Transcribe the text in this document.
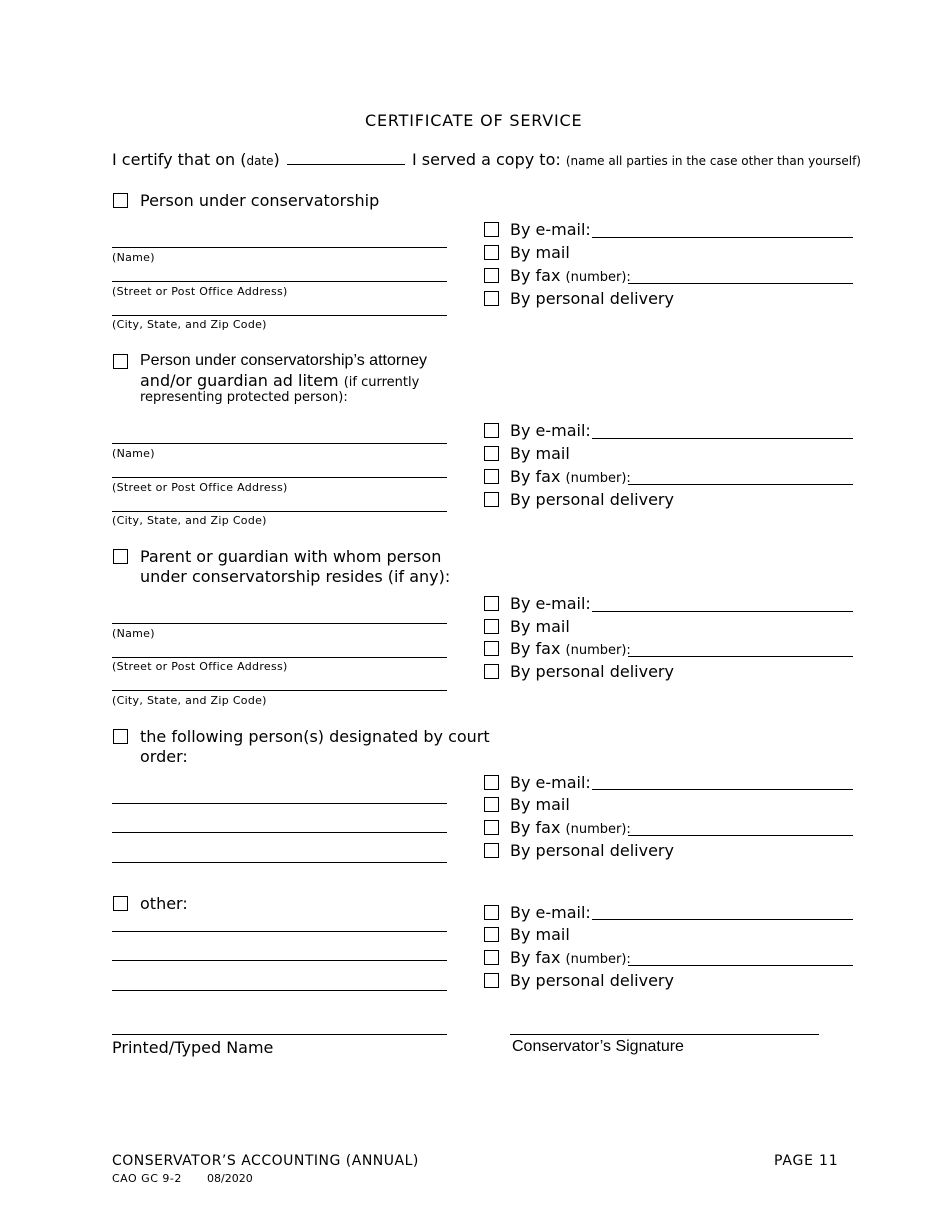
CERTIFICATE OF SERVICE
I certify that on (date)	I served a copy to: (name all parties in the case other than yourself)
Person under conservatorship
(Name)
(Street or Post Office Address)
(City, State, and Zip Code)
By e-mail:
By mail
By fax (number):
By personal delivery
Person under conservatorship’s attorney
and/or guardian ad litem (if currently
representing protected person):
(Name)
(Street or Post Office Address)
(City, State, and Zip Code)
By e-mail:
By mail
By fax (number):
By personal delivery
Parent or guardian with whom person
under conservatorship resides (if any):
(Name)
(Street or Post Office Address)
(City, State, and Zip Code)
By e-mail:
By mail
By fax (number):
By personal delivery
the following person(s) designated by court
order:
By e-mail:
By mail
By fax (number):
By personal delivery
other:	By e-mail:
By mail
By fax (number):
By personal delivery
Printed/Typed Name	Conservator’s Signature
CONSERVATOR’S ACCOUNTING (ANNUAL)
CAO GC 9-2 08/2020
PAGE 11
